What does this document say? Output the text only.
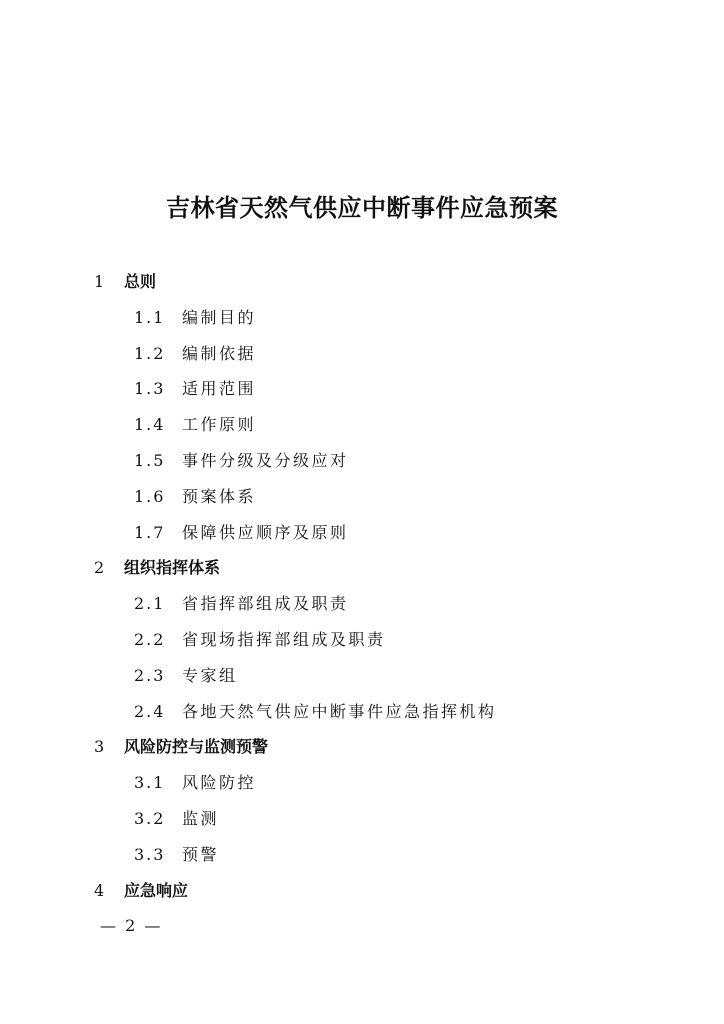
吉林省天然气供应中断事件应急预案
1 总则
1.1 编制目的
1.2 编制依据
1.3 适用范围
1.4 工作原则
1.5 事件分级及分级应对
1.6 预案体系
1.7 保障供应顺序及原则
2 组织指挥体系
2.1 省指挥部组成及职责
2.2 省现场指挥部组成及职责
2.3 专家组
2.4 各地天然气供应中断事件应急指挥机构
3 风险防控与监测预警
3.1 风险防控
3.2 监测
3.3 预警
4 应急响应
— 2 —
